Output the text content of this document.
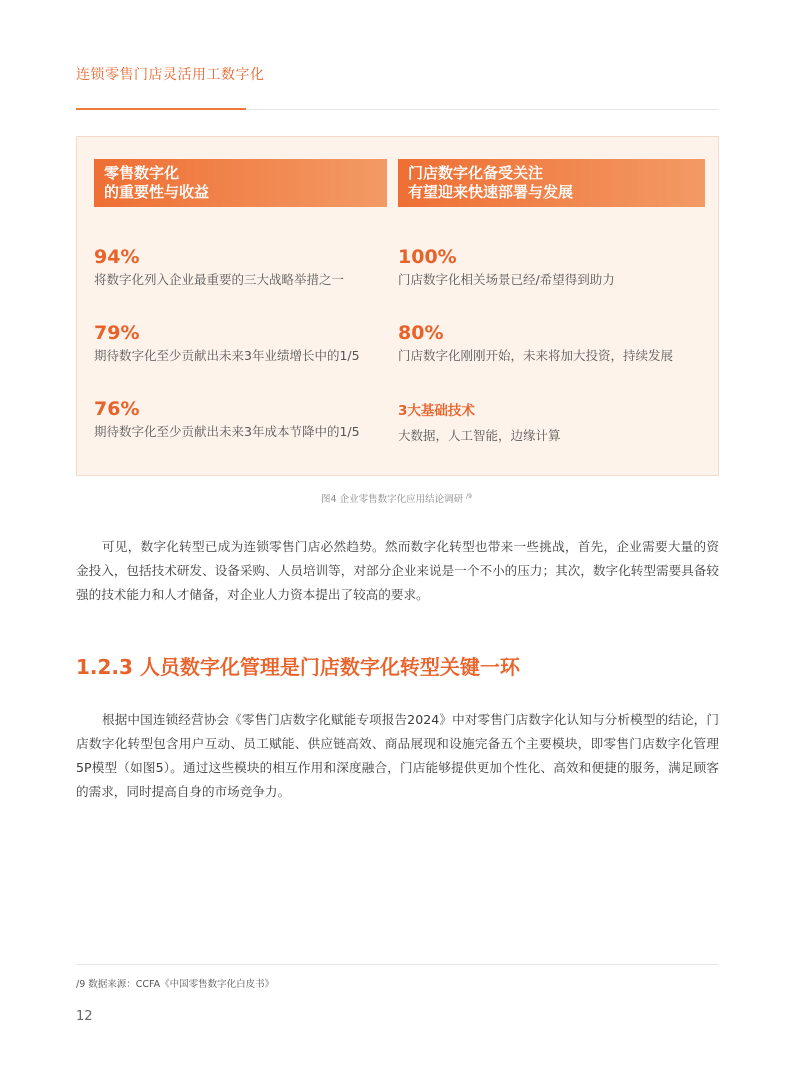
连锁零售门店灵活用工数字化
零售数字化
的重要性与收益
门店数字化备受关注
有望迎来快速部署与发展
94%
将数字化列入企业最重要的三大战略举措之一
79%
期待数字化至少贡献出未来3年业绩增长中的1/5
76%
期待数字化至少贡献出未来3年成本节降中的1/5
100%
门店数字化相关场景已经/希望得到助力
80%
门店数字化刚刚开始，未来将加大投资，持续发展
3大基础技术
大数据，人工智能，边缘计算
图4 企业零售数字化应用结论调研 $^{/9}$
可见，数字化转型已成为连锁零售门店必然趋势。然而数字化转型也带来一些挑战，首先，企业需要大量的资金投入，包括技术研发、设备采购、人员培训等，对部分企业来说是一个不小的压力；其次，数字化转型需要具备较强的技术能力和人才储备，对企业人力资本提出了较高的要求。
1.2.3 人员数字化管理是门店数字化转型关键一环
根据中国连锁经营协会《零售门店数字化赋能专项报告2024》中对零售门店数字化认知与分析模型的结论，门店数字化转型包含用户互动、员工赋能、供应链高效、商品展现和设施完备五个主要模块，即零售门店数字化管理5P模型（如图5）。通过这些模块的相互作用和深度融合，门店能够提供更加个性化、高效和便捷的服务，满足顾客的需求，同时提高自身的市场竞争力。
/9 数据来源：CCFA《中国零售数字化白皮书》
12
